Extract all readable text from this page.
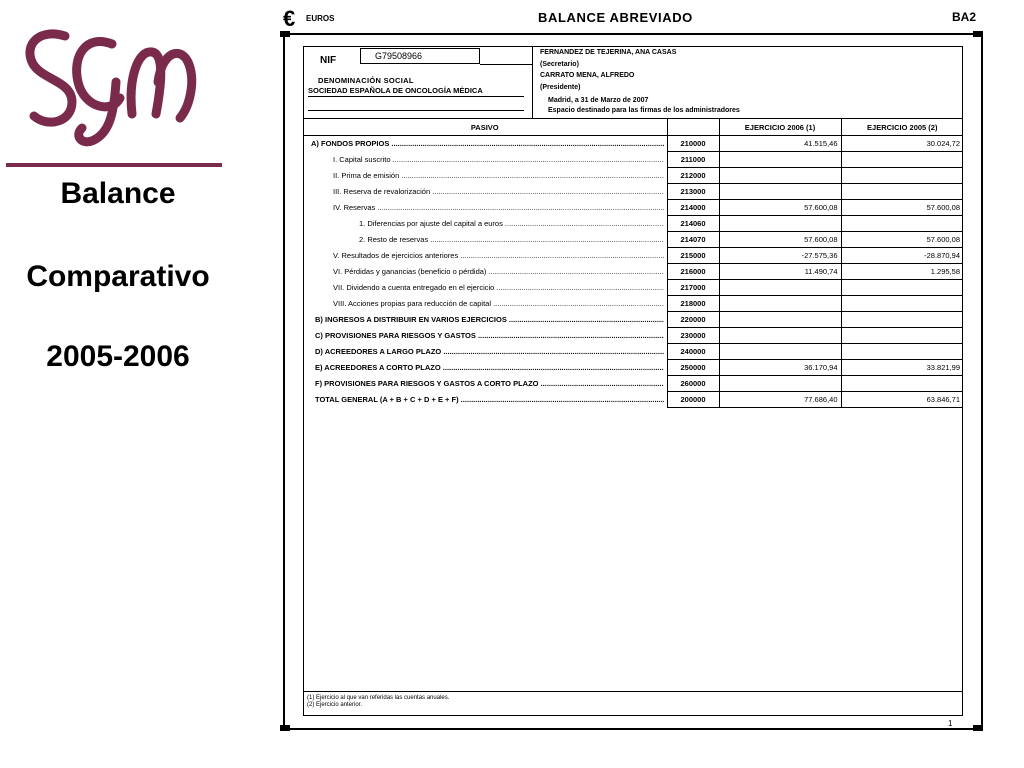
Balance
Comparativo
2005-2006
€ EUROS	BALANCE ABREVIADO	BA2
NIF	G79508966
DENOMINACIÓN SOCIAL
SOCIEDAD ESPAÑOLA DE ONCOLOGÍA MÉDICA
FERNANDEZ DE TEJERINA, ANA CASAS
(Secretario)
CARRATO MENA, ALFREDO
(Presidente)
Madrid, a 31 de Marzo de 2007
Espacio destinado para las firmas de los administradores
PASIVO		EJERCICIO 2006 (1)	EJERCICIO 2005 (2)

A) FONDOS PROPIOS .....	210000	41.515,46	30.024,72

I. Capital suscrito .....	211000		

II. Prima de emisión .....	212000		

III. Reserva de revalorización .....	213000		

IV. Reservas .....	214000	57.600,08	57.600,08

1. Diferencias por ajuste del capital a euros .....	214060		

2. Resto de reservas .....	214070	57.600,08	57.600,08

V. Resultados de ejercicios anteriores .....	215000	-27.575,36	-28.870,94

VI. Pérdidas y ganancias (beneficio o pérdida) .....	216000	11.490,74	1.295,58

VII. Dividendo a cuenta entregado en el ejercicio .....	217000		

VIII. Acciones propias para reducción de capital .....	218000		

B) INGRESOS A DISTRIBUIR EN VARIOS EJERCICIOS .....	220000		

C) PROVISIONES PARA RIESGOS Y GASTOS .....	230000		

D) ACREEDORES A LARGO PLAZO .....	240000		

E) ACREEDORES A CORTO PLAZO .....	250000	36.170,94	33.821,99

F) PROVISIONES PARA RIESGOS Y GASTOS A CORTO PLAZO .....	260000		

TOTAL GENERAL (A + B + C + D + E + F) .....	200000	77.686,40	63.846,71
(1) Ejercicio al que van referidas las cuentas anuales.
(2) Ejercicio anterior.
1
